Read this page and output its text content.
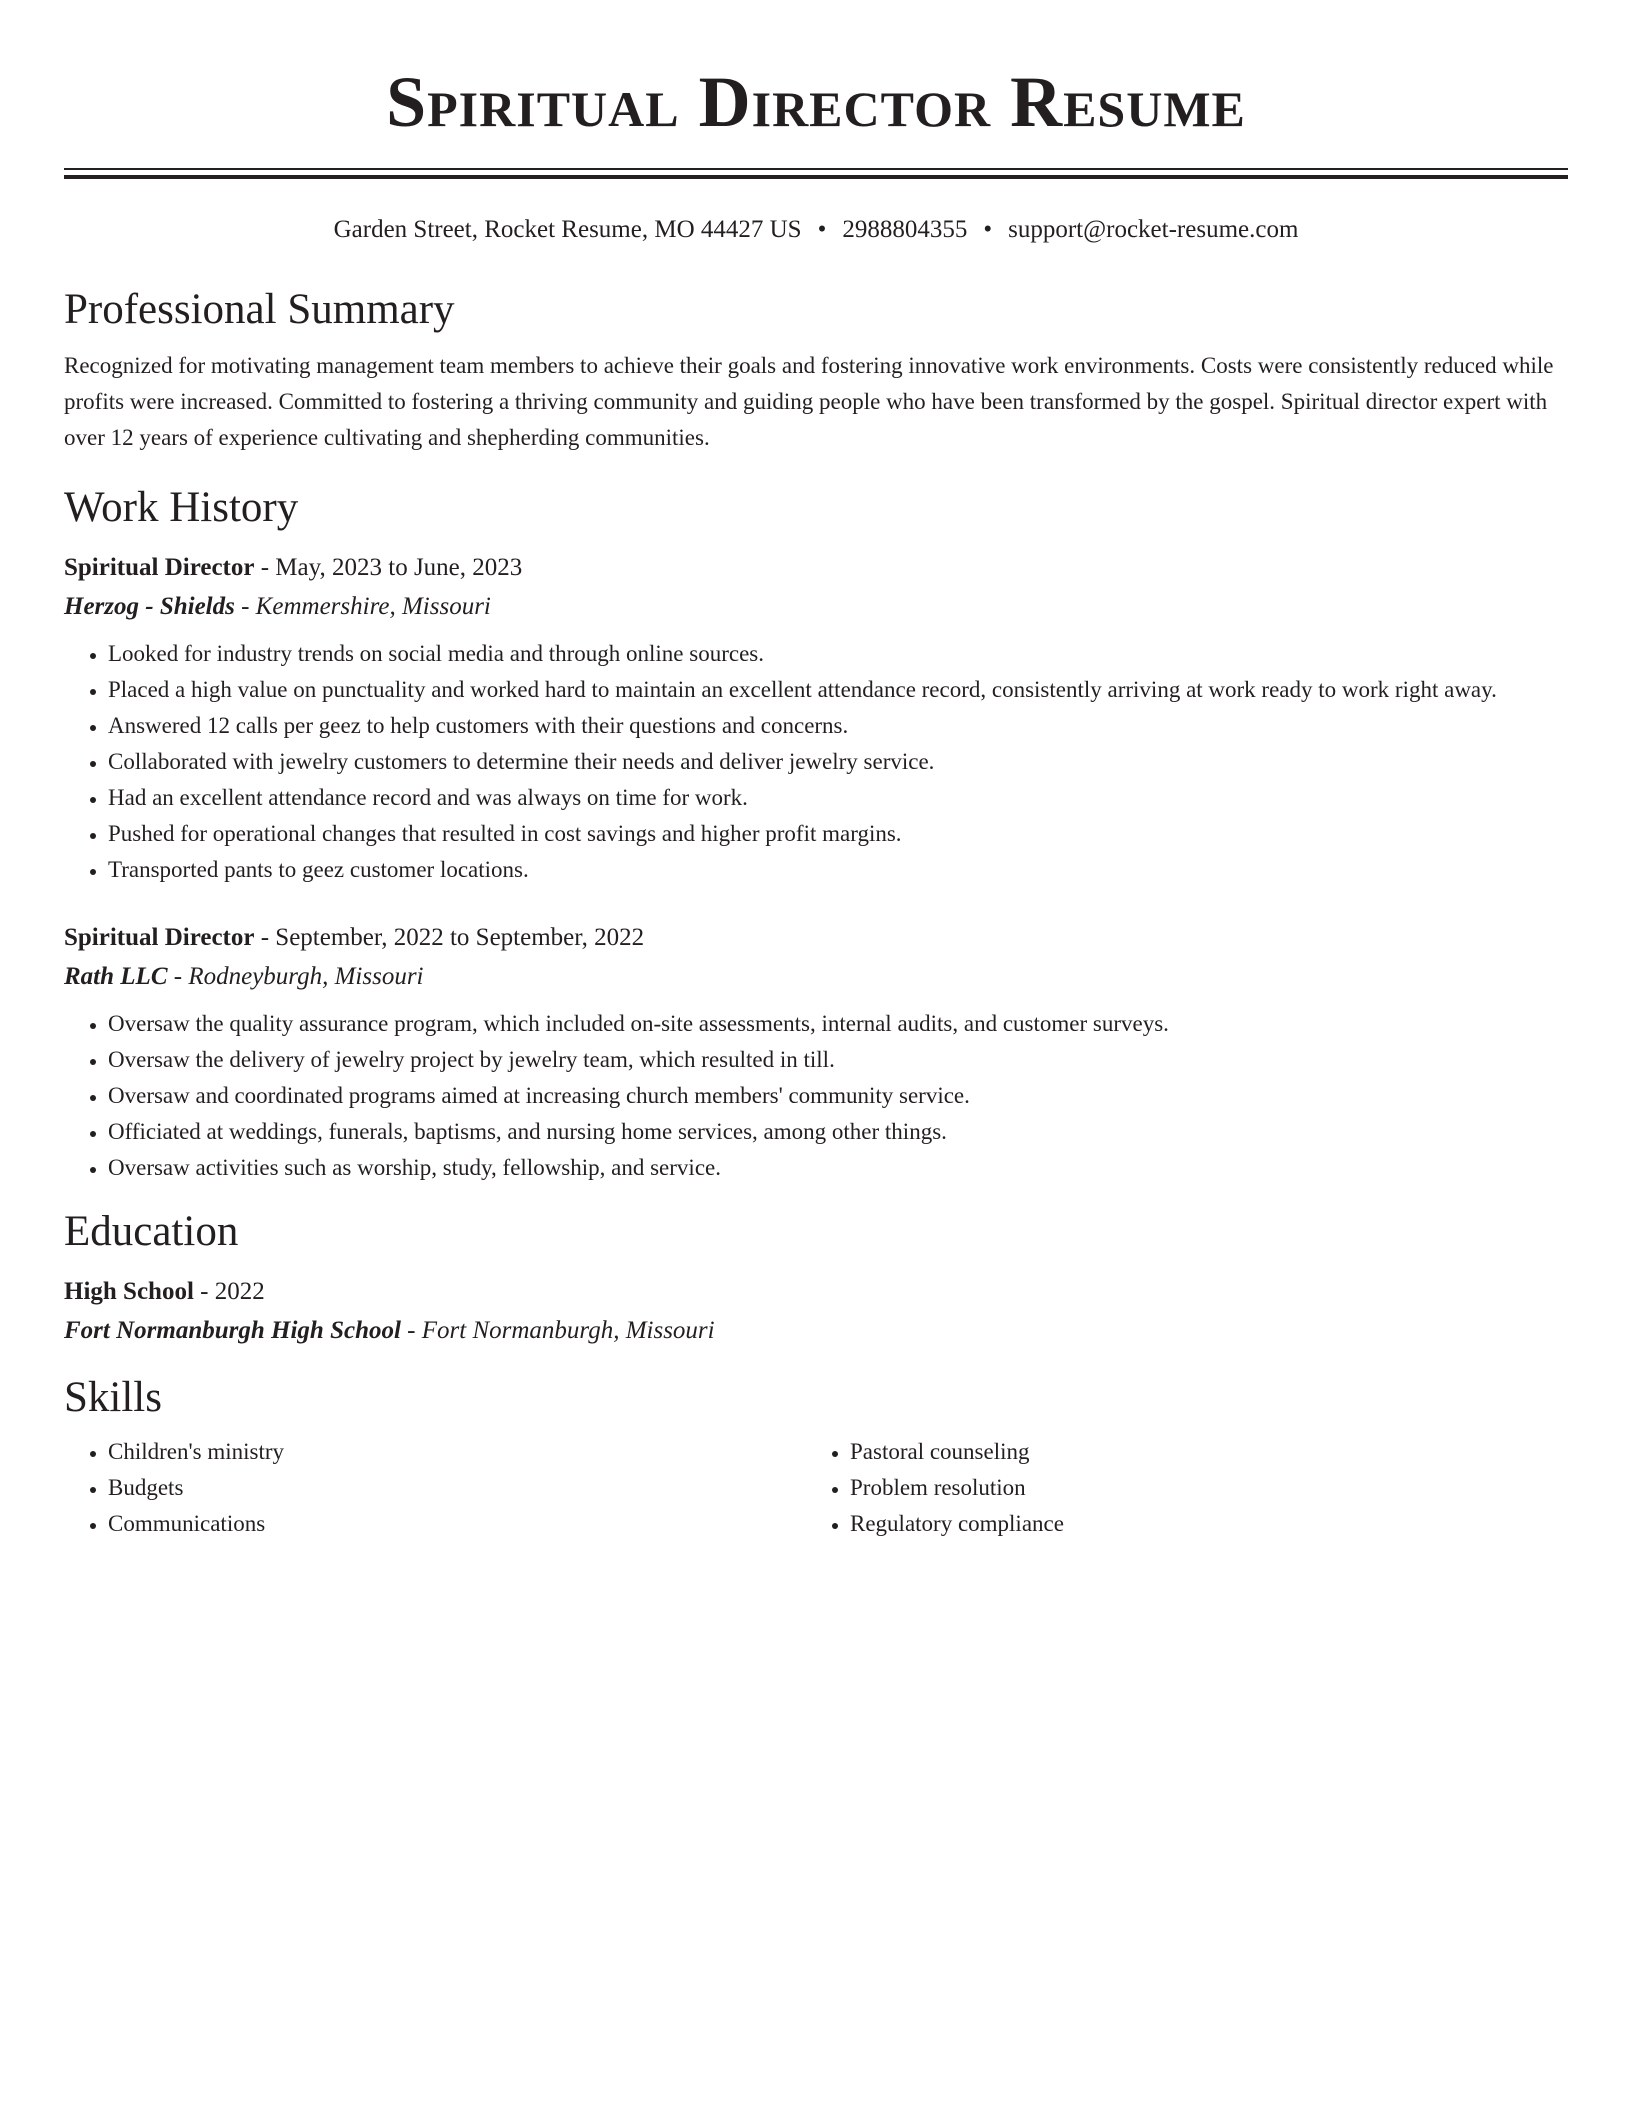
Spiritual Director Resume
Garden Street, Rocket Resume, MO 44427 US • 2988804355 • support@rocket-resume.com
Professional Summary

Recognized for motivating management team members to achieve their goals and fostering innovative work environments. Costs were consistently reduced while profits were increased. Committed to fostering a thriving community and guiding people who have been transformed by the gospel. Spiritual director expert with over 12 years of experience cultivating and shepherding communities.

Work History
Spiritual Director - May, 2023 to June, 2023
Herzog - Shields - Kemmershire, Missouri
• Looked for industry trends on social media and through online sources.
• Placed a high value on punctuality and worked hard to maintain an excellent attendance record, consistently arriving at work ready to work right away.
• Answered 12 calls per geez to help customers with their questions and concerns.
• Collaborated with jewelry customers to determine their needs and deliver jewelry service.
• Had an excellent attendance record and was always on time for work.
• Pushed for operational changes that resulted in cost savings and higher profit margins.
• Transported pants to geez customer locations.
Spiritual Director - September, 2022 to September, 2022
Rath LLC - Rodneyburgh, Missouri
• Oversaw the quality assurance program, which included on-site assessments, internal audits, and customer surveys.
• Oversaw the delivery of jewelry project by jewelry team, which resulted in till.
• Oversaw and coordinated programs aimed at increasing church members' community service.
• Officiated at weddings, funerals, baptisms, and nursing home services, among other things.
• Oversaw activities such as worship, study, fellowship, and service.
Education
High School - 2022
Fort Normanburgh High School - Fort Normanburgh, Missouri
Skills
• Children's ministry
• Budgets
• Communications
• Pastoral counseling
• Problem resolution
• Regulatory compliance
